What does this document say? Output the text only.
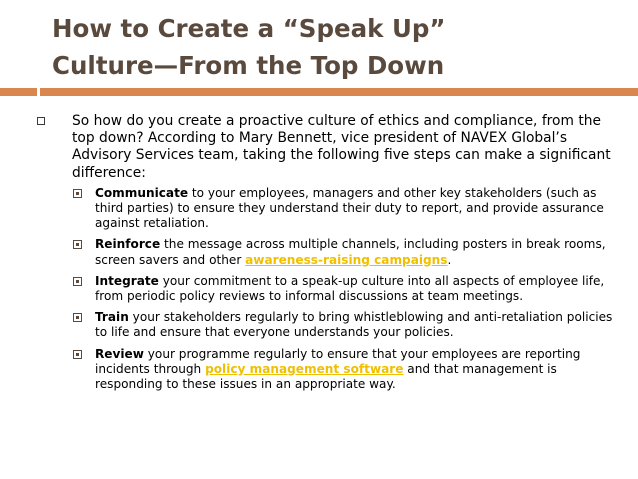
How to Create a “Speak Up”
Culture—From the Top Down
So how do you create a proactive culture of ethics and compliance, from the top down? According to Mary Bennett, vice president of NAVEX Global’s Advisory Services team, taking the following five steps can make a significant difference:
Communicate to your employees, managers and other key stakeholders (such as third parties) to ensure they understand their duty to report, and provide assurance against retaliation.
Reinforce the message across multiple channels, including posters in break rooms, screen savers and other awareness-raising campaigns.
Integrate your commitment to a speak-up culture into all aspects of employee life, from periodic policy reviews to informal discussions at team meetings.
Train your stakeholders regularly to bring whistleblowing and anti-retaliation policies to life and ensure that everyone understands your policies.
Review your programme regularly to ensure that your employees are reporting incidents through policy management software and that management is responding to these issues in an appropriate way.
